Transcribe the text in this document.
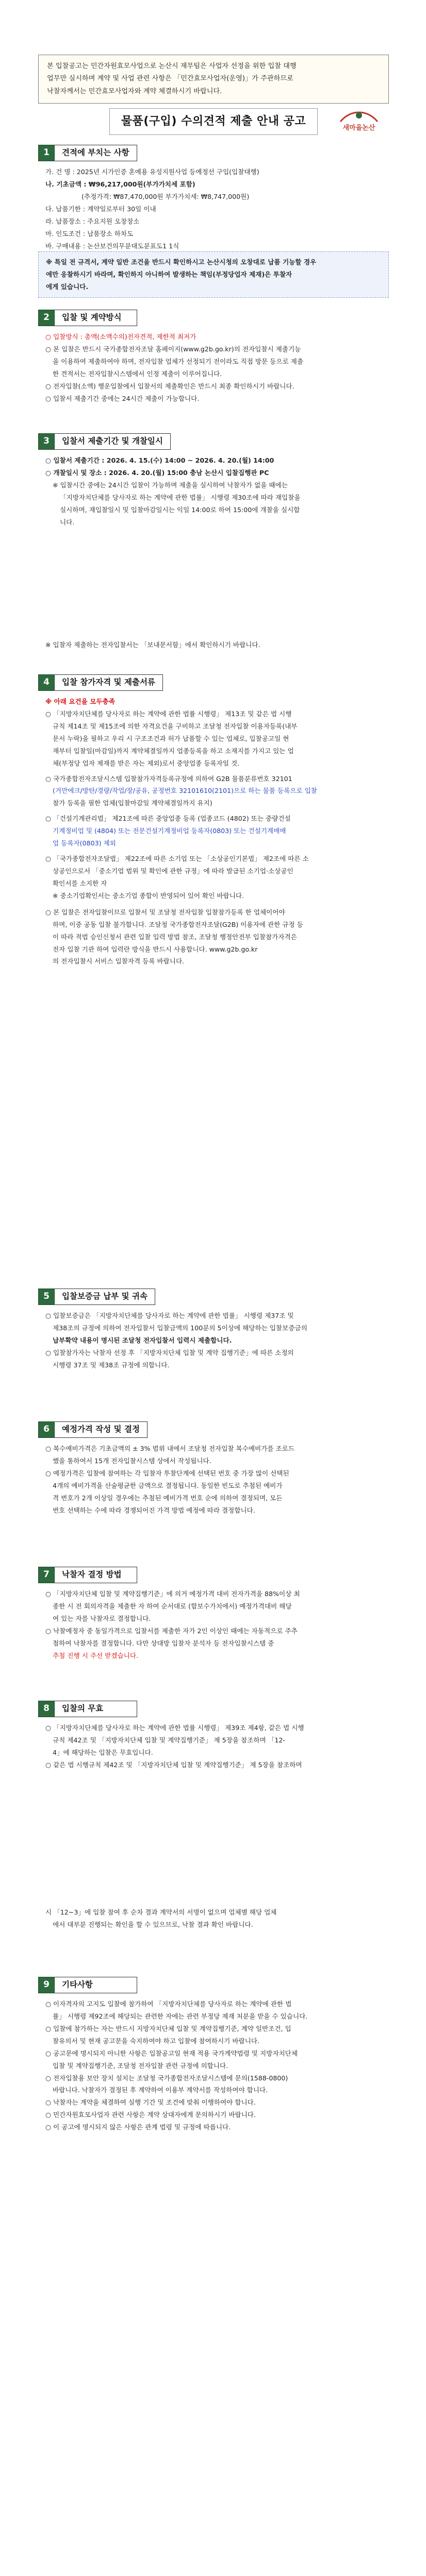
본 입찰공고는 민간자원효모사업으로 논산시 재무팀은 사업자 선정을 위한 입찰 대행

업무만 실시하며 계약 및 사업 관련 사항은 「민간효모사업자(운영)」가 주관하므로

낙찰자께서는 민간효모사업자와 계약 체결하시기 바랍니다.

물품(구입) 수의견적 제출 안내 공고
새마을논산
1	견적에 부치는 사항

가. 건 명 : 2025년 시가인증 혼예용 유성지원사업 등예정선 구입(입찰대행)

나. 기초금액 : ₩96,217,000원(부가가치세 포함)

(추정가격: ₩87,470,000원 부가가치세: ₩8,747,000원)

다. 납품기한 : 계약일로부터 30일 이내

라. 납품장소 : 주요지원 오창창소

마. 인도조건 : 납품장소 하차도

바. 구매내용 : 논산보건의무분대도분표도1 1식

※ 특일 전 규격서, 계약 일반 조건을 반드시 확인하시고 논산시청의 오창대로 납품 기능할 경우

에만 응찰하시기 바라며, 확인하지 아니하여 발생하는 책임(부정당업자 제재)은 투찰자

에게 있습니다.

2	입찰 및 계약방식

○ 입찰방식 : 총액(소액수의)전자견적, 제한적 최저가

○ 본 입찰은 반드시 국가종합전자조달 홈페이지(www.g2b.go.kr)의 전자입찰시 제출기능

을 이용하여 제출하여야 하며, 전자입찰 업체가 선정되기 전이라도 직접 방문 등으로 제출

한 견적서는 전자입찰시스템에서 인정 제출이 이루어집니다.

○ 전자입찰(소액) 행운입찰에서 입찰서의 제출확인은 반드시 최종 확인하시기 바랍니다.

○ 입찰서 제출기간 중에는 24시간 제출이 가능합니다.

3	입찰서 제출기간 및 개찰일시

○ 입찰서 제출기간 : 2026. 4. 15.(수) 14:00 ~ 2026. 4. 20.(월) 14:00

○ 개찰일시 및 장소 : 2026. 4. 20.(월) 15:00 충남 논산시 입찰집행관 PC

※ 입찰시간 중에는 24시간 입찰이 가능하며 제출을 실시하여 낙찰자가 없을 때에는

「지방자치단체를 당사자로 하는 계약에 관한 법률」 시행령 제30조에 따라 재입찰을

실시하며, 재입찰일시 및 입찰마감일시는 익일 14:00로 하여 15:00에 개찰을 실시합

니다.

※ 입찰자 제출하는 전자입찰서는 「보내문서함」에서 확인하시기 바랍니다.

4	입찰 참가자격 및 제출서류

※ 아래 요건을 모두충족

○ 「지방자치단체를 당사자로 하는 계약에 관한 법률 시행령」 제13조 및 같은 법 시행

규칙 제14조 및 제15조에 의한 자격요건을 구비하고 조달청 전자입찰 이용자등록(내부

문서 누락)을 필하고 우리 시 구조조건과 허가 납품할 수 있는 업체로, 입찰공고일 현

재부터 입찰일(마감일)까지 계약체결일까지 업종등록을 하고 소재지를 가지고 있는 업

체(부정당 업자 제재를 받은 자는 제외)로서 중앙업종 등록자일 것.

○ 국가종합전자조달시스템 입찰참가자격등록규정에 의하여 G2B 물품분류번호 32101

(거만에크/방탄/경량/작업/장/공유, 공정번호 32101610(2101)으로 하는 물품 등록으로 입찰

참가 등록을 필한 업체(입찰마감일 계약체결일까지 유지)

○ 「건설기계관리법」 제21조에 따른 중앙업종 등록 (업종코드 (4802) 또는 중량건설

기계정비업 및 (4804) 또는 전문건설기계정비업 등록자(0803) 또는 건설기계매매

업 등록자(0803) 제외

○ 「국가종합전자조달법」 제22조에 따른 소기업 또는 「소상공인기본법」 제2조에 따른 소

상공인으로서 「중소기업 범위 및 확인에 관한 규정」에 따라 발급된 소기업·소상공인

확인서를 소지한 자

※ 중소기업확인서는 중소기업 종합이 반영되어 있어 확인 바랍니다.

○ 본 입찰은 전자입찰이므로 입찰서 및 조달청 전자입찰 입찰참가등록 한 업체이어야

하며, 이중 공동 입찰 불가합니다. 조달청 국가종합전자조달(G2B) 이용자에 관한 규정 등

이 따라 적법 승인신청서 관련 입찰 입력 방법 참조, 조달청 행정안전부 입찰참가자격은

전자 입찰 기관 하여 입력란 방식을 반드시 사용합니다. www.g2b.go.kr

의 전자입찰시 서비스 입찰자격 등록 바랍니다.

5	입찰보증금 납부 및 귀속

○ 입찰보증금은 「지방자치단체를 당사자로 하는 계약에 관한 법률」 시행령 제37조 및

제38조의 규정에 의하여 전자입찰서 입찰금액의 100분의 5이상에 해당하는 입찰보증금의

납부확약 내용이 명시된 조달청 전자입찰서 입력시 제출합니다.

○ 입찰참가자는 낙찰자 선정 후 「지방자치단체 입찰 및 계약 집행기준」에 따른 소정의

시행령 37조 및 제38조 규정에 의합니다.

6	예정가격 작성 및 결정

○ 복수예비가격은 기초금액의 ± 3% 범위 내에서 조달청 전자입찰 복수예비가를 조로드

했을 통하여서 15개 전자입찰시스템 상에서 작성됩니다.

○ 예정가격은 입찰에 참여하는 각 입찰자 투찰단계에 선택된 번호 중 가장 많이 선택된

4개의 예비가격을 산술평균한 금액으로 결정됩니다. 동일한 빈도로 추첨된 예비가

격 번호가 2개 이상일 경우에는 추첨된 예비가격 번호 순에 의하여 결정되며, 모든

번호 선택하는 수에 따라 경쟁되어진 가격 방법 예정에 따라 결정합니다.

7	낙찰자 결정 방법

○ 「지방자치단체 입찰 및 계약집행기준」에 의거 예정가격 대비 전자가격을 88%이상 최

종한 시 전 회의자격을 제출한 자 하여 순서대로 (합보수가치에서) 예정가격대비 해당

여 있는 자를 낙찰자로 결정합니다.

○ 낙찰예정자 중 동일가격으로 입찰서를 제출한 자가 2인 이상인 때에는 자동적으로 주추

첨하여 낙찰자를 결정합니다. 다만 상대방 입찰자 분석자 등 전자입찰시스템 중

추첨 진행 시 주선 받겠습니다.

8	입찰의 무효

○ 「지방자치단체를 당사자로 하는 계약에 관한 법률 시행령」 제39조 제4항, 같은 법 시행

규칙 제42조 및 「지방자치단체 입찰 및 계약집행기준」 제 5장을 참조하며 「12-

4」에 해당하는 입찰은 무효입니다.

○ 같은 법 시행규칙 제42조 및 「지방자치단체 입찰 및 계약집행기준」 제 5장을 참조하며

시 「12~3」에 입찰 참여 후 순차 결과 계약서의 서명이 없으며 업체별 해당 업체

에서 대부분 진행되는 확인을 할 수 있으므로, 낙찰 결과 확인 바랍니다.

9	기타사항

○ 이자격자의 고지도 입찰에 참가하여 「지방자치단체를 당사자로 하는 계약에 관한 법

률」 시행령 제92조에 해당되는 관련한 자에는 관련 부정당 제재 처분을 받을 수 있습니다.

○ 입찰에 참가하는 자는 반드시 지방자치단체 입찰 및 계약집행기준, 계약 일반조건, 입

찰유의서 및 현재 공고문을 숙지하여야 하고 입찰에 참여하시기 바랍니다.

○ 공고문에 명시되지 아니한 사항은 입찰공고일 현재 적용 국가계약법령 및 지방자치단체

입찰 및 계약집행기준, 조달청 전자입찰 관련 규정에 의합니다.

○ 전자입찰용 보안 장치 설치는 조달청 국가종합전자조달시스템에 문의(1588-0800)

바랍니다. 낙찰자가 결정된 후 계약하여 이용부 계약서를 작성하여야 합니다.

○ 낙찰자는 계약을 체결하여 실행 기간 및 조건에 맞춰 이행하여야 합니다.

○ 민간자원효모사업자 관련 사항은 계약 상대자에게 문의하시기 바랍니다.

○ 이 공고에 명시되지 않은 사항은 관계 법령 및 규정에 따릅니다.
